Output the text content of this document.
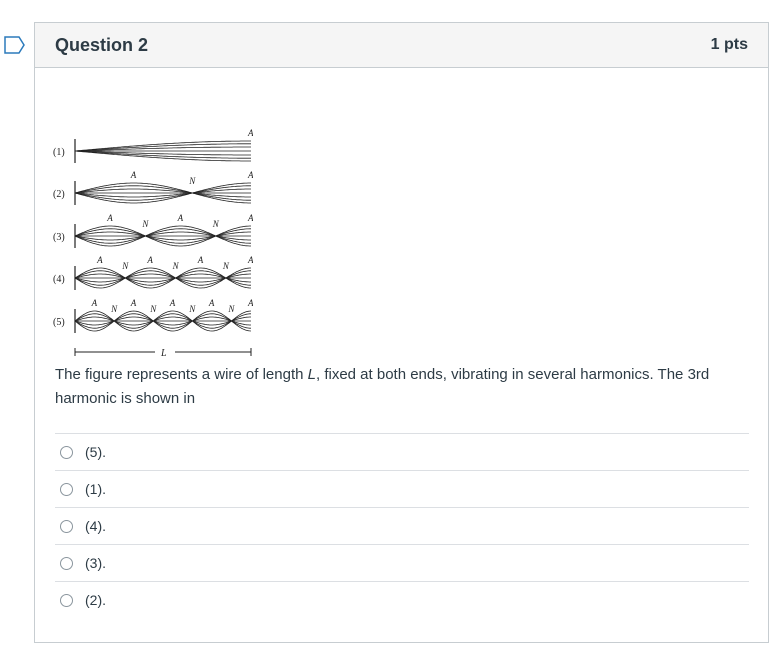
Question 2	1 pts
(1)
A
(2)
A
N
A
(3)
A
N
A
N
A
(4)
A
N
A
N
A
N
A
(5)
A
N
A
N
A
N
A
N
A
L
The figure represents a wire of length L, fixed at both ends, vibrating in several harmonics. The 3rd harmonic is shown in
(5).
(1).
(4).
(3).
(2).
